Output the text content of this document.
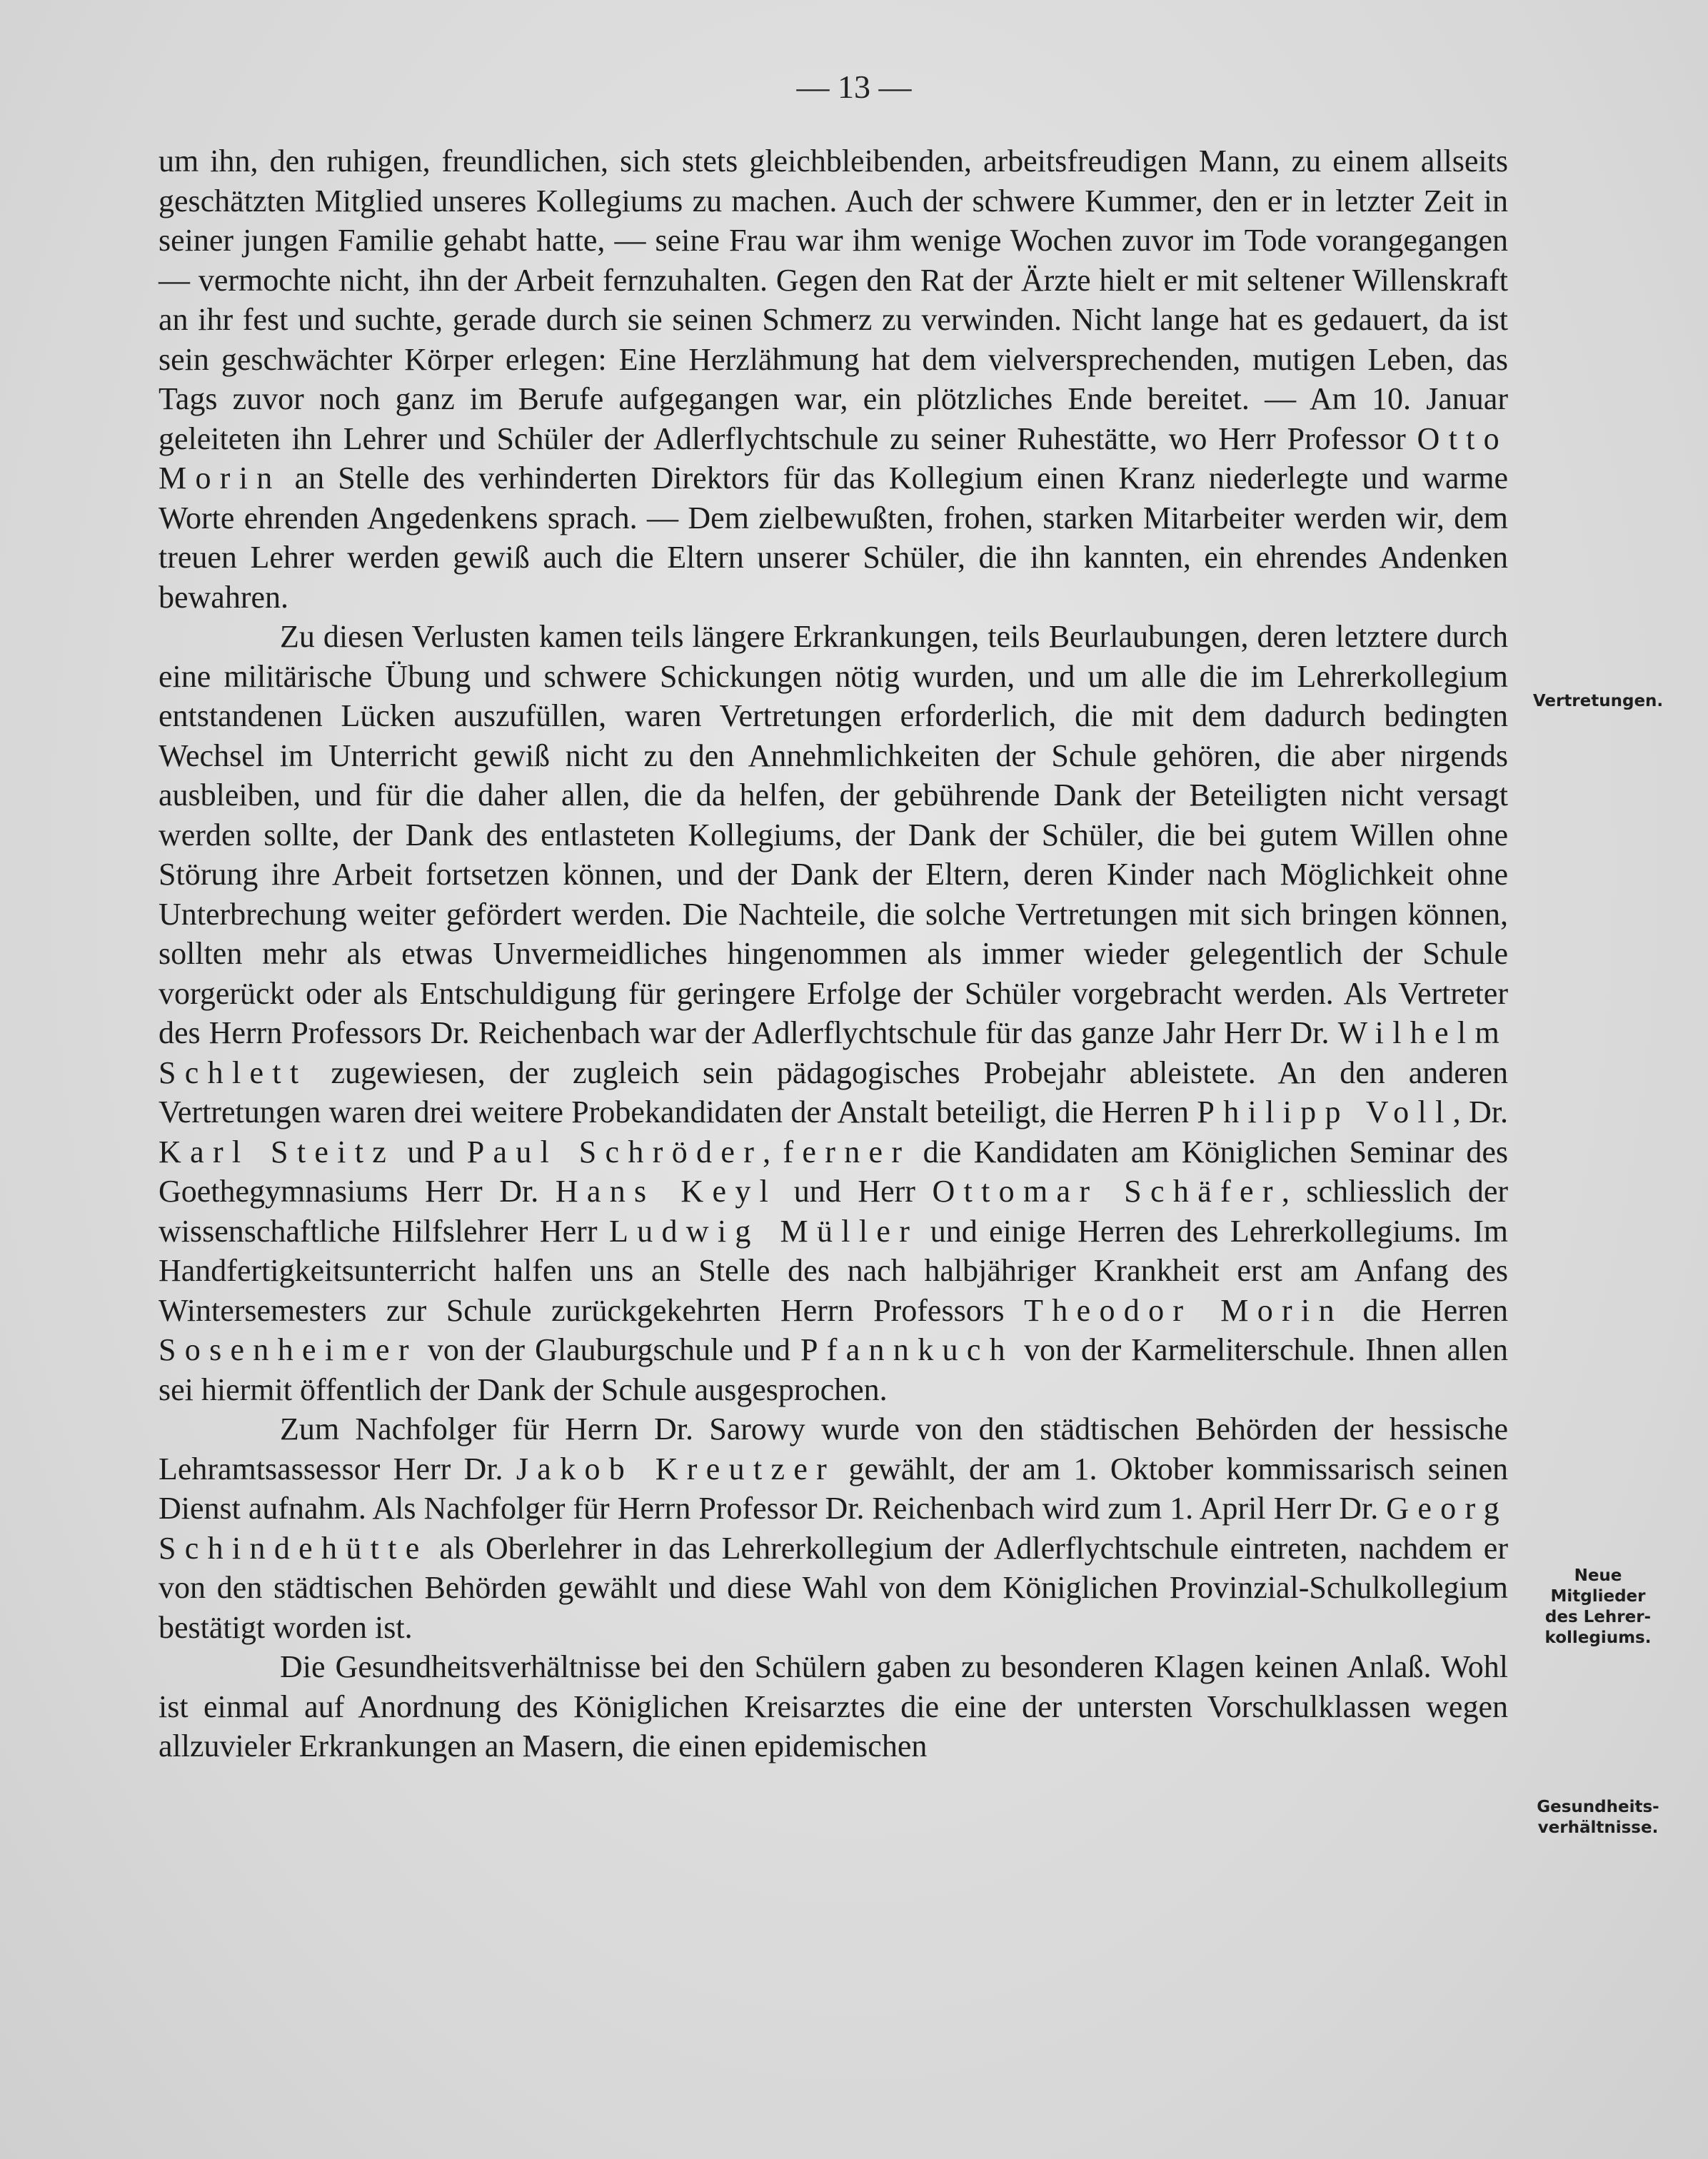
— 13 —

um ihn, den ruhigen, freundlichen, sich stets gleichbleibenden, arbeitsfreudigen Mann, zu einem allseits geschätzten Mitglied unseres Kollegiums zu machen. Auch der schwere Kummer, den er in letzter Zeit in seiner jungen Familie gehabt hatte, — seine Frau war ihm wenige Wochen zuvor im Tode vorangegangen — vermochte nicht, ihn der Arbeit fernzuhalten. Gegen den Rat der Ärzte hielt er mit seltener Willenskraft an ihr fest und suchte, gerade durch sie seinen Schmerz zu verwinden. Nicht lange hat es gedauert, da ist sein geschwächter Körper erlegen: Eine Herzlähmung hat dem vielversprechenden, mutigen Leben, das Tags zuvor noch ganz im Berufe aufgegangen war, ein plötzliches Ende bereitet. — Am 10. Januar geleiteten ihn Lehrer und Schüler der Adlerflychtschule zu seiner Ruhestätte, wo Herr Professor Otto Morin an Stelle des verhinderten Direktors für das Kollegium einen Kranz niederlegte und warme Worte ehrenden Angedenkens sprach. — Dem zielbewußten, frohen, starken Mitarbeiter werden wir, dem treuen Lehrer werden gewiß auch die Eltern unserer Schüler, die ihn kannten, ein ehrendes Andenken bewahren.

Zu diesen Verlusten kamen teils längere Erkrankungen, teils Beurlaubungen, deren letztere durch eine militärische Übung und schwere Schickungen nötig wurden, und um alle die im Lehrerkollegium entstandenen Lücken auszufüllen, waren Vertretungen erforderlich, die mit dem dadurch bedingten Wechsel im Unterricht gewiß nicht zu den Annehmlichkeiten der Schule gehören, die aber nirgends ausbleiben, und für die daher allen, die da helfen, der gebührende Dank der Beteiligten nicht versagt werden sollte, der Dank des entlasteten Kollegiums, der Dank der Schüler, die bei gutem Willen ohne Störung ihre Arbeit fortsetzen können, und der Dank der Eltern, deren Kinder nach Möglichkeit ohne Unterbrechung weiter gefördert werden. Die Nachteile, die solche Vertretungen mit sich bringen können, sollten mehr als etwas Unvermeidliches hingenommen als immer wieder gelegentlich der Schule vorgerückt oder als Entschuldigung für geringere Erfolge der Schüler vorgebracht werden. Als Vertreter des Herrn Professors Dr. Reichenbach war der Adlerflychtschule für das ganze Jahr Herr Dr. Wilhelm Schlett zugewiesen, der zugleich sein pädagogisches Probejahr ableistete. An den anderen Vertretungen waren drei weitere Probekandidaten der Anstalt beteiligt, die Herren Philipp Voll, Dr. Karl Steitz und Paul Schröder, ferner die Kandidaten am Königlichen Seminar des Goethegymnasiums Herr Dr. Hans Keyl und Herr Ottomar Schäfer, schliesslich der wissenschaftliche Hilfslehrer Herr Ludwig Müller und einige Herren des Lehrerkollegiums. Im Handfertigkeitsunterricht halfen uns an Stelle des nach halbjähriger Krankheit erst am Anfang des Wintersemesters zur Schule zurückgekehrten Herrn Professors Theodor Morin die Herren Sosenheimer von der Glauburgschule und Pfannkuch von der Karmeliterschule. Ihnen allen sei hiermit öffentlich der Dank der Schule ausgesprochen.

Zum Nachfolger für Herrn Dr. Sarowy wurde von den städtischen Behörden der hessische Lehramtsassessor Herr Dr. Jakob Kreutzer gewählt, der am 1. Oktober kommissarisch seinen Dienst aufnahm. Als Nachfolger für Herrn Professor Dr. Reichenbach wird zum 1. April Herr Dr. Georg Schindehütte als Oberlehrer in das Lehrerkollegium der Adlerflychtschule eintreten, nachdem er von den städtischen Behörden gewählt und diese Wahl von dem Königlichen Provinzial-Schulkollegium bestätigt worden ist.

Die Gesundheitsverhältnisse bei den Schülern gaben zu besonderen Klagen keinen Anlaß. Wohl ist einmal auf Anordnung des Königlichen Kreisarztes die eine der untersten Vorschulklassen wegen allzuvieler Erkrankungen an Masern, die einen epidemischen

Vertretungen.
Neue
Mitglieder
des Lehrer-
kollegiums.
Gesundheits-
verhältnisse.
